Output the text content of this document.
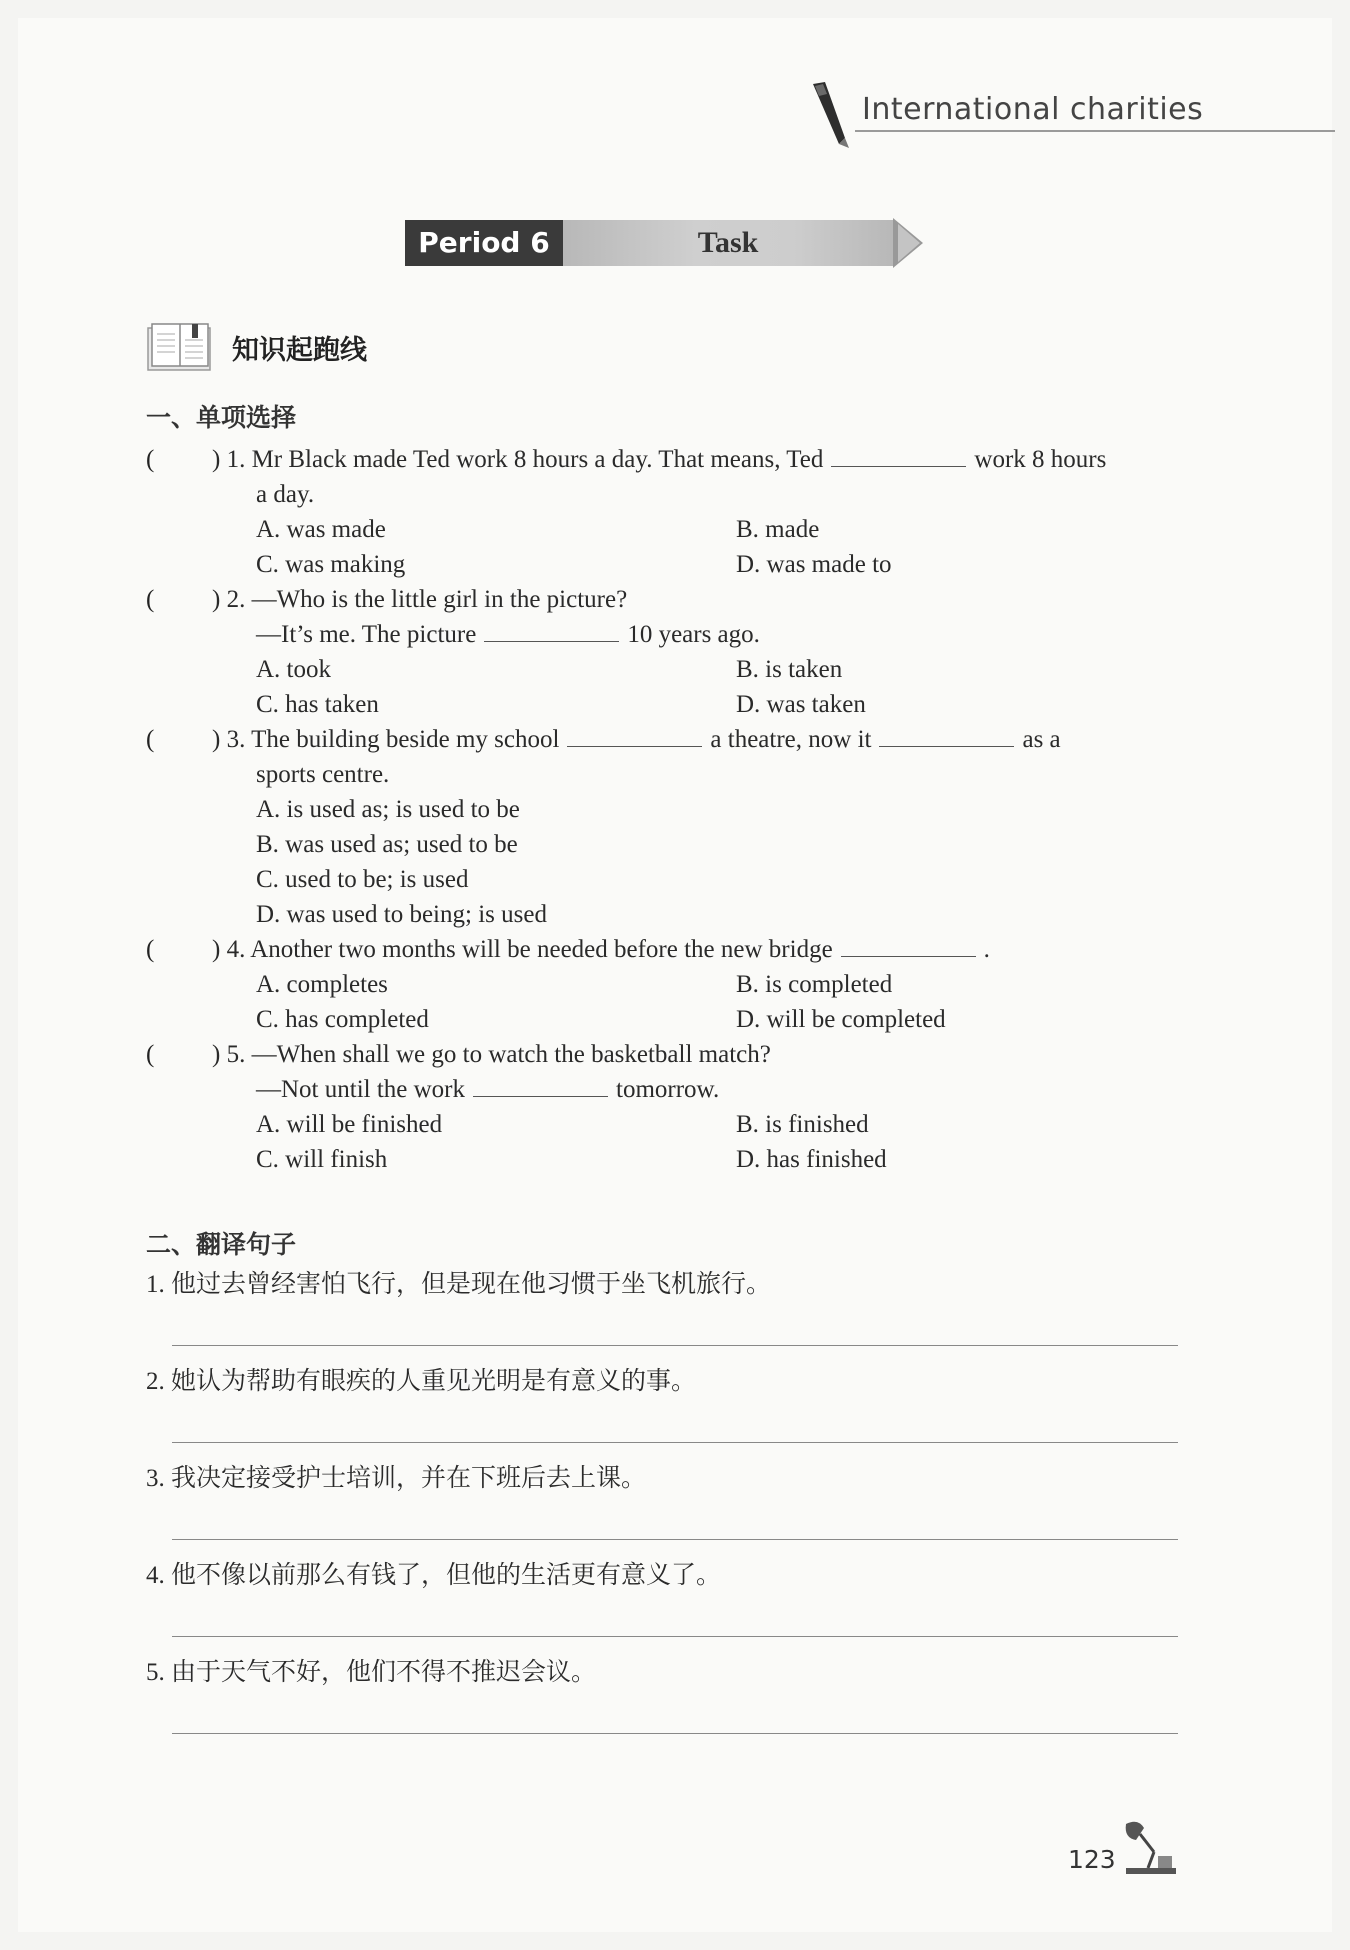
International charities
Period 6	Task
知识起跑线
一、单项选择
( ) 1. Mr Black made Ted work 8 hours a day. That means, Ted	work 8 hours
a day.
A. was made	B. made
C. was making	D. was made to
( ) 2. —Who is the little girl in the picture?
—It’s me. The picture	10 years ago.
A. took	B. is taken
C. has taken	D. was taken
( ) 3. The building beside my school	a theatre, now it	as a
sports centre.
A. is used as; is used to be
B. was used as; used to be
C. used to be; is used
D. was used to being; is used
( ) 4. Another two months will be needed before the new bridge	.
A. completes	B. is completed
C. has completed	D. will be completed
( ) 5. —When shall we go to watch the basketball match?
—Not until the work	tomorrow.
A. will be finished	B. is finished
C. will finish	D. has finished
二、翻译句子
1. 他过去曾经害怕飞行，但是现在他习惯于坐飞机旅行。
2. 她认为帮助有眼疾的人重见光明是有意义的事。
3. 我决定接受护士培训，并在下班后去上课。
4. 他不像以前那么有钱了，但他的生活更有意义了。
5. 由于天气不好，他们不得不推迟会议。
123
